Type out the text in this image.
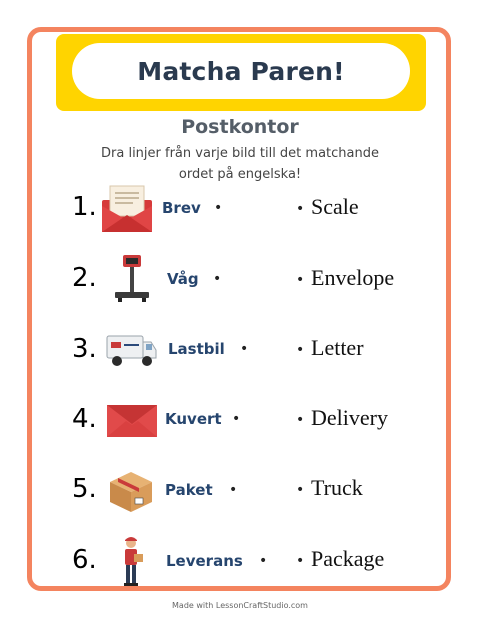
Matcha Paren!
Postkontor
Dra linjer från varje bild till det matchande
ordet på engelska!
1.	Brev •	• Scale
2.	Våg •	• Envelope
3.	Lastbil •	• Letter
4.	Kuvert •	• Delivery
5.	Paket •	• Truck
6.	Leverans • • Package
Made with LessonCraftStudio.com
